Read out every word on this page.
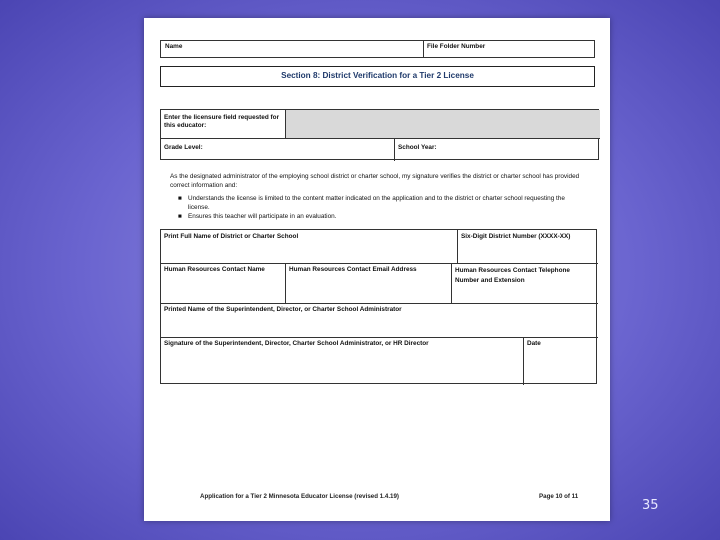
Name	File Folder Number
Section 8: District Verification for a Tier 2 License
Enter the licensure field requested for this educator:
Grade Level:	School Year:
As the designated administrator of the employing school district or charter school, my signature verifies the district or charter school has provided correct information and:
■ Understands the license is limited to the content matter indicated on the application and to the district or charter school requesting the license.
■ Ensures this teacher will participate in an evaluation.
Print Full Name of District or Charter School	Six-Digit District Number (XXXX-XX)
Human Resources Contact Name	Human Resources Contact Email Address	Human Resources Contact Telephone Number and Extension
Printed Name of the Superintendent, Director, or Charter School Administrator
Signature of the Superintendent, Director, Charter School Administrator, or HR Director	Date
Application for a Tier 2 Minnesota Educator License (revised 1.4.19)	Page 10 of 11
35
